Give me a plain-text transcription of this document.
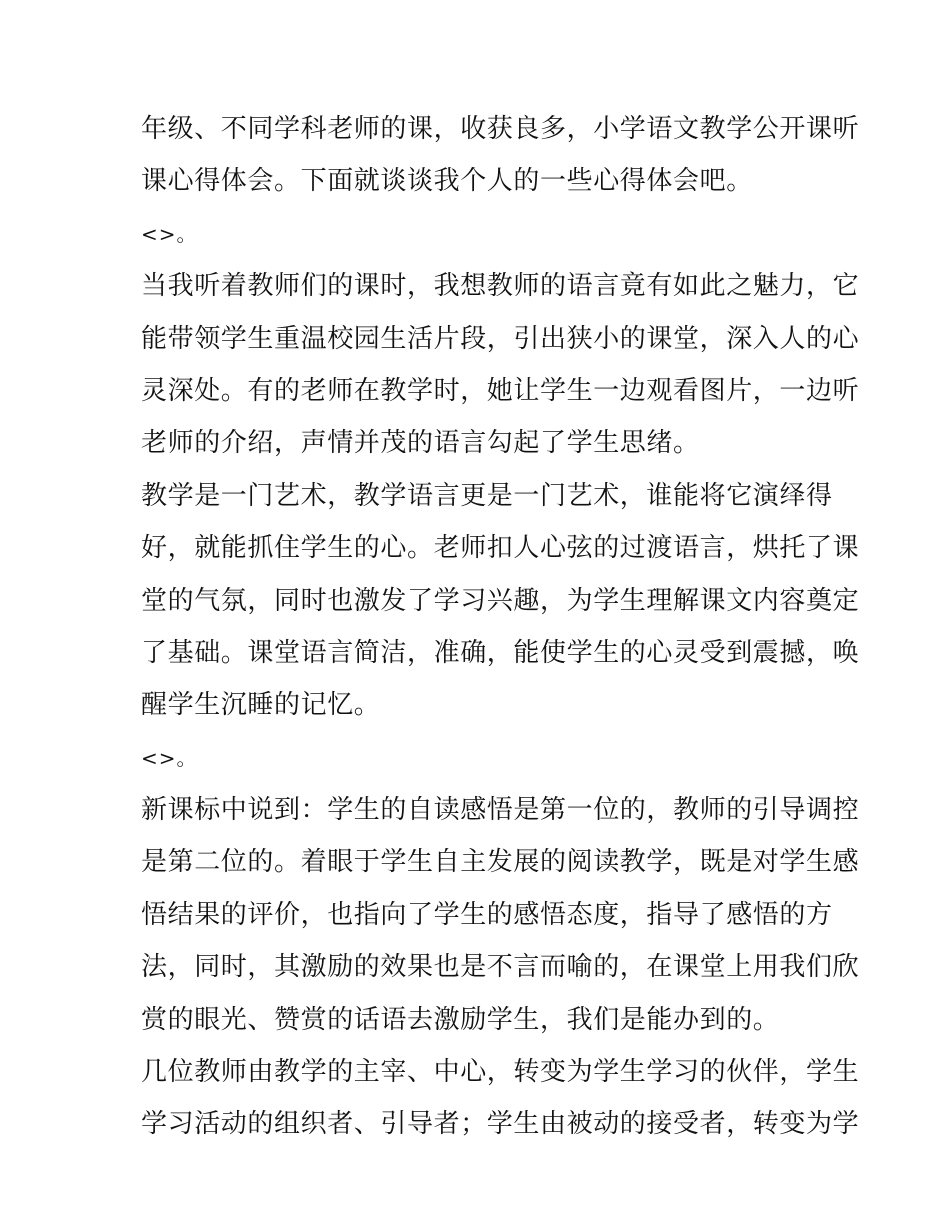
年级、不同学科老师的课，收获良多，小学语文教学公开课听
课心得体会。下面就谈谈我个人的一些心得体会吧。
<>。
当我听着教师们的课时，我想教师的语言竟有如此之魅力，它
能带领学生重温校园生活片段，引出狭小的课堂，深入人的心
灵深处。有的老师在教学时，她让学生一边观看图片，一边听
老师的介绍，声情并茂的语言勾起了学生思绪。
教学是一门艺术，教学语言更是一门艺术，谁能将它演绎得
好，就能抓住学生的心。老师扣人心弦的过渡语言，烘托了课
堂的气氛，同时也激发了学习兴趣，为学生理解课文内容奠定
了基础。课堂语言简洁，准确，能使学生的心灵受到震撼，唤
醒学生沉睡的记忆。
<>。
新课标中说到：学生的自读感悟是第一位的，教师的引导调控
是第二位的。着眼于学生自主发展的阅读教学，既是对学生感
悟结果的评价，也指向了学生的感悟态度，指导了感悟的方
法，同时，其激励的效果也是不言而喻的，在课堂上用我们欣
赏的眼光、赞赏的话语去激励学生，我们是能办到的。
几位教师由教学的主宰、中心，转变为学生学习的伙伴，学生
学习活动的组织者、引导者；学生由被动的接受者，转变为学
